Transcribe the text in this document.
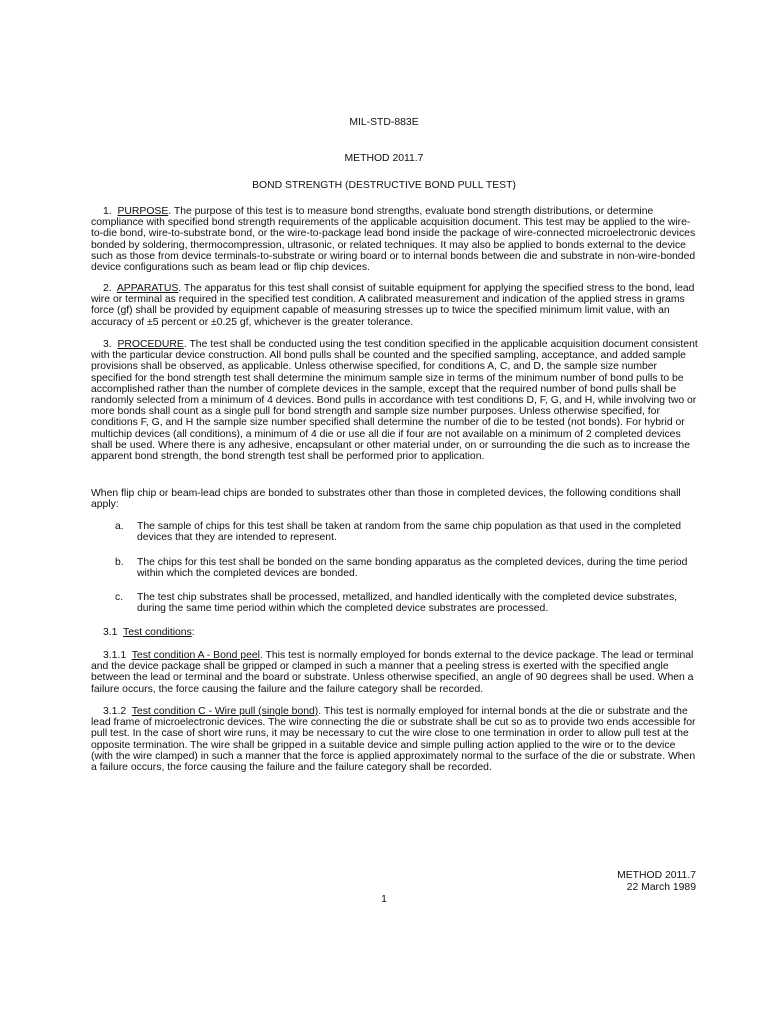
MIL-STD-883E
METHOD 2011.7
BOND STRENGTH (DESTRUCTIVE BOND PULL TEST)

1. PURPOSE. The purpose of this test is to measure bond strengths, evaluate bond strength distributions, or determine compliance with specified bond strength requirements of the applicable acquisition document. This test may be applied to the wire-to-die bond, wire-to-substrate bond, or the wire-to-package lead bond inside the package of wire-connected microelectronic devices bonded by soldering, thermocompression, ultrasonic, or related techniques. It may also be applied to bonds external to the device such as those from device terminals-to-substrate or wiring board or to internal bonds between die and substrate in non-wire-bonded device configurations such as beam lead or flip chip devices.

2. APPARATUS. The apparatus for this test shall consist of suitable equipment for applying the specified stress to the bond, lead wire or terminal as required in the specified test condition. A calibrated measurement and indication of the applied stress in grams force (gf) shall be provided by equipment capable of measuring stresses up to twice the specified minimum limit value, with an accuracy of ±5 percent or ±0.25 gf, whichever is the greater tolerance.

3. PROCEDURE. The test shall be conducted using the test condition specified in the applicable acquisition document consistent with the particular device construction. All bond pulls shall be counted and the specified sampling, acceptance, and added sample provisions shall be observed, as applicable. Unless otherwise specified, for conditions A, C, and D, the sample size number specified for the bond strength test shall determine the minimum sample size in terms of the minimum number of bond pulls to be accomplished rather than the number of complete devices in the sample, except that the required number of bond pulls shall be randomly selected from a minimum of 4 devices. Bond pulls in accordance with test conditions D, F, G, and H, while involving two or more bonds shall count as a single pull for bond strength and sample size number purposes. Unless otherwise specified, for conditions F, G, and H the sample size number specified shall determine the number of die to be tested (not bonds). For hybrid or multichip devices (all conditions), a minimum of 4 die or use all die if four are not available on a minimum of 2 completed devices shall be used. Where there is any adhesive, encapsulant or other material under, on or surrounding the die such as to increase the apparent bond strength, the bond strength test shall be performed prior to application.

When flip chip or beam-lead chips are bonded to substrates other than those in completed devices, the following conditions shall apply:

a. The sample of chips for this test shall be taken at random from the same chip population as that used in the completed devices that they are intended to represent.

b. The chips for this test shall be bonded on the same bonding apparatus as the completed devices, during the time period within which the completed devices are bonded.

c. The test chip substrates shall be processed, metallized, and handled identically with the completed device substrates, during the same time period within which the completed device substrates are processed.

3.1 Test conditions:

3.1.1 Test condition A - Bond peel. This test is normally employed for bonds external to the device package. The lead or terminal and the device package shall be gripped or clamped in such a manner that a peeling stress is exerted with the specified angle between the lead or terminal and the board or substrate. Unless otherwise specified, an angle of 90 degrees shall be used. When a failure occurs, the force causing the failure and the failure category shall be recorded.

3.1.2 Test condition C - Wire pull (single bond). This test is normally employed for internal bonds at the die or substrate and the lead frame of microelectronic devices. The wire connecting the die or substrate shall be cut so as to provide two ends accessible for pull test. In the case of short wire runs, it may be necessary to cut the wire close to one termination in order to allow pull test at the opposite termination. The wire shall be gripped in a suitable device and simple pulling action applied to the wire or to the device (with the wire clamped) in such a manner that the force is applied approximately normal to the surface of the die or substrate. When a failure occurs, the force causing the failure and the failure category shall be recorded.

METHOD 2011.7
22 March 1989
1
